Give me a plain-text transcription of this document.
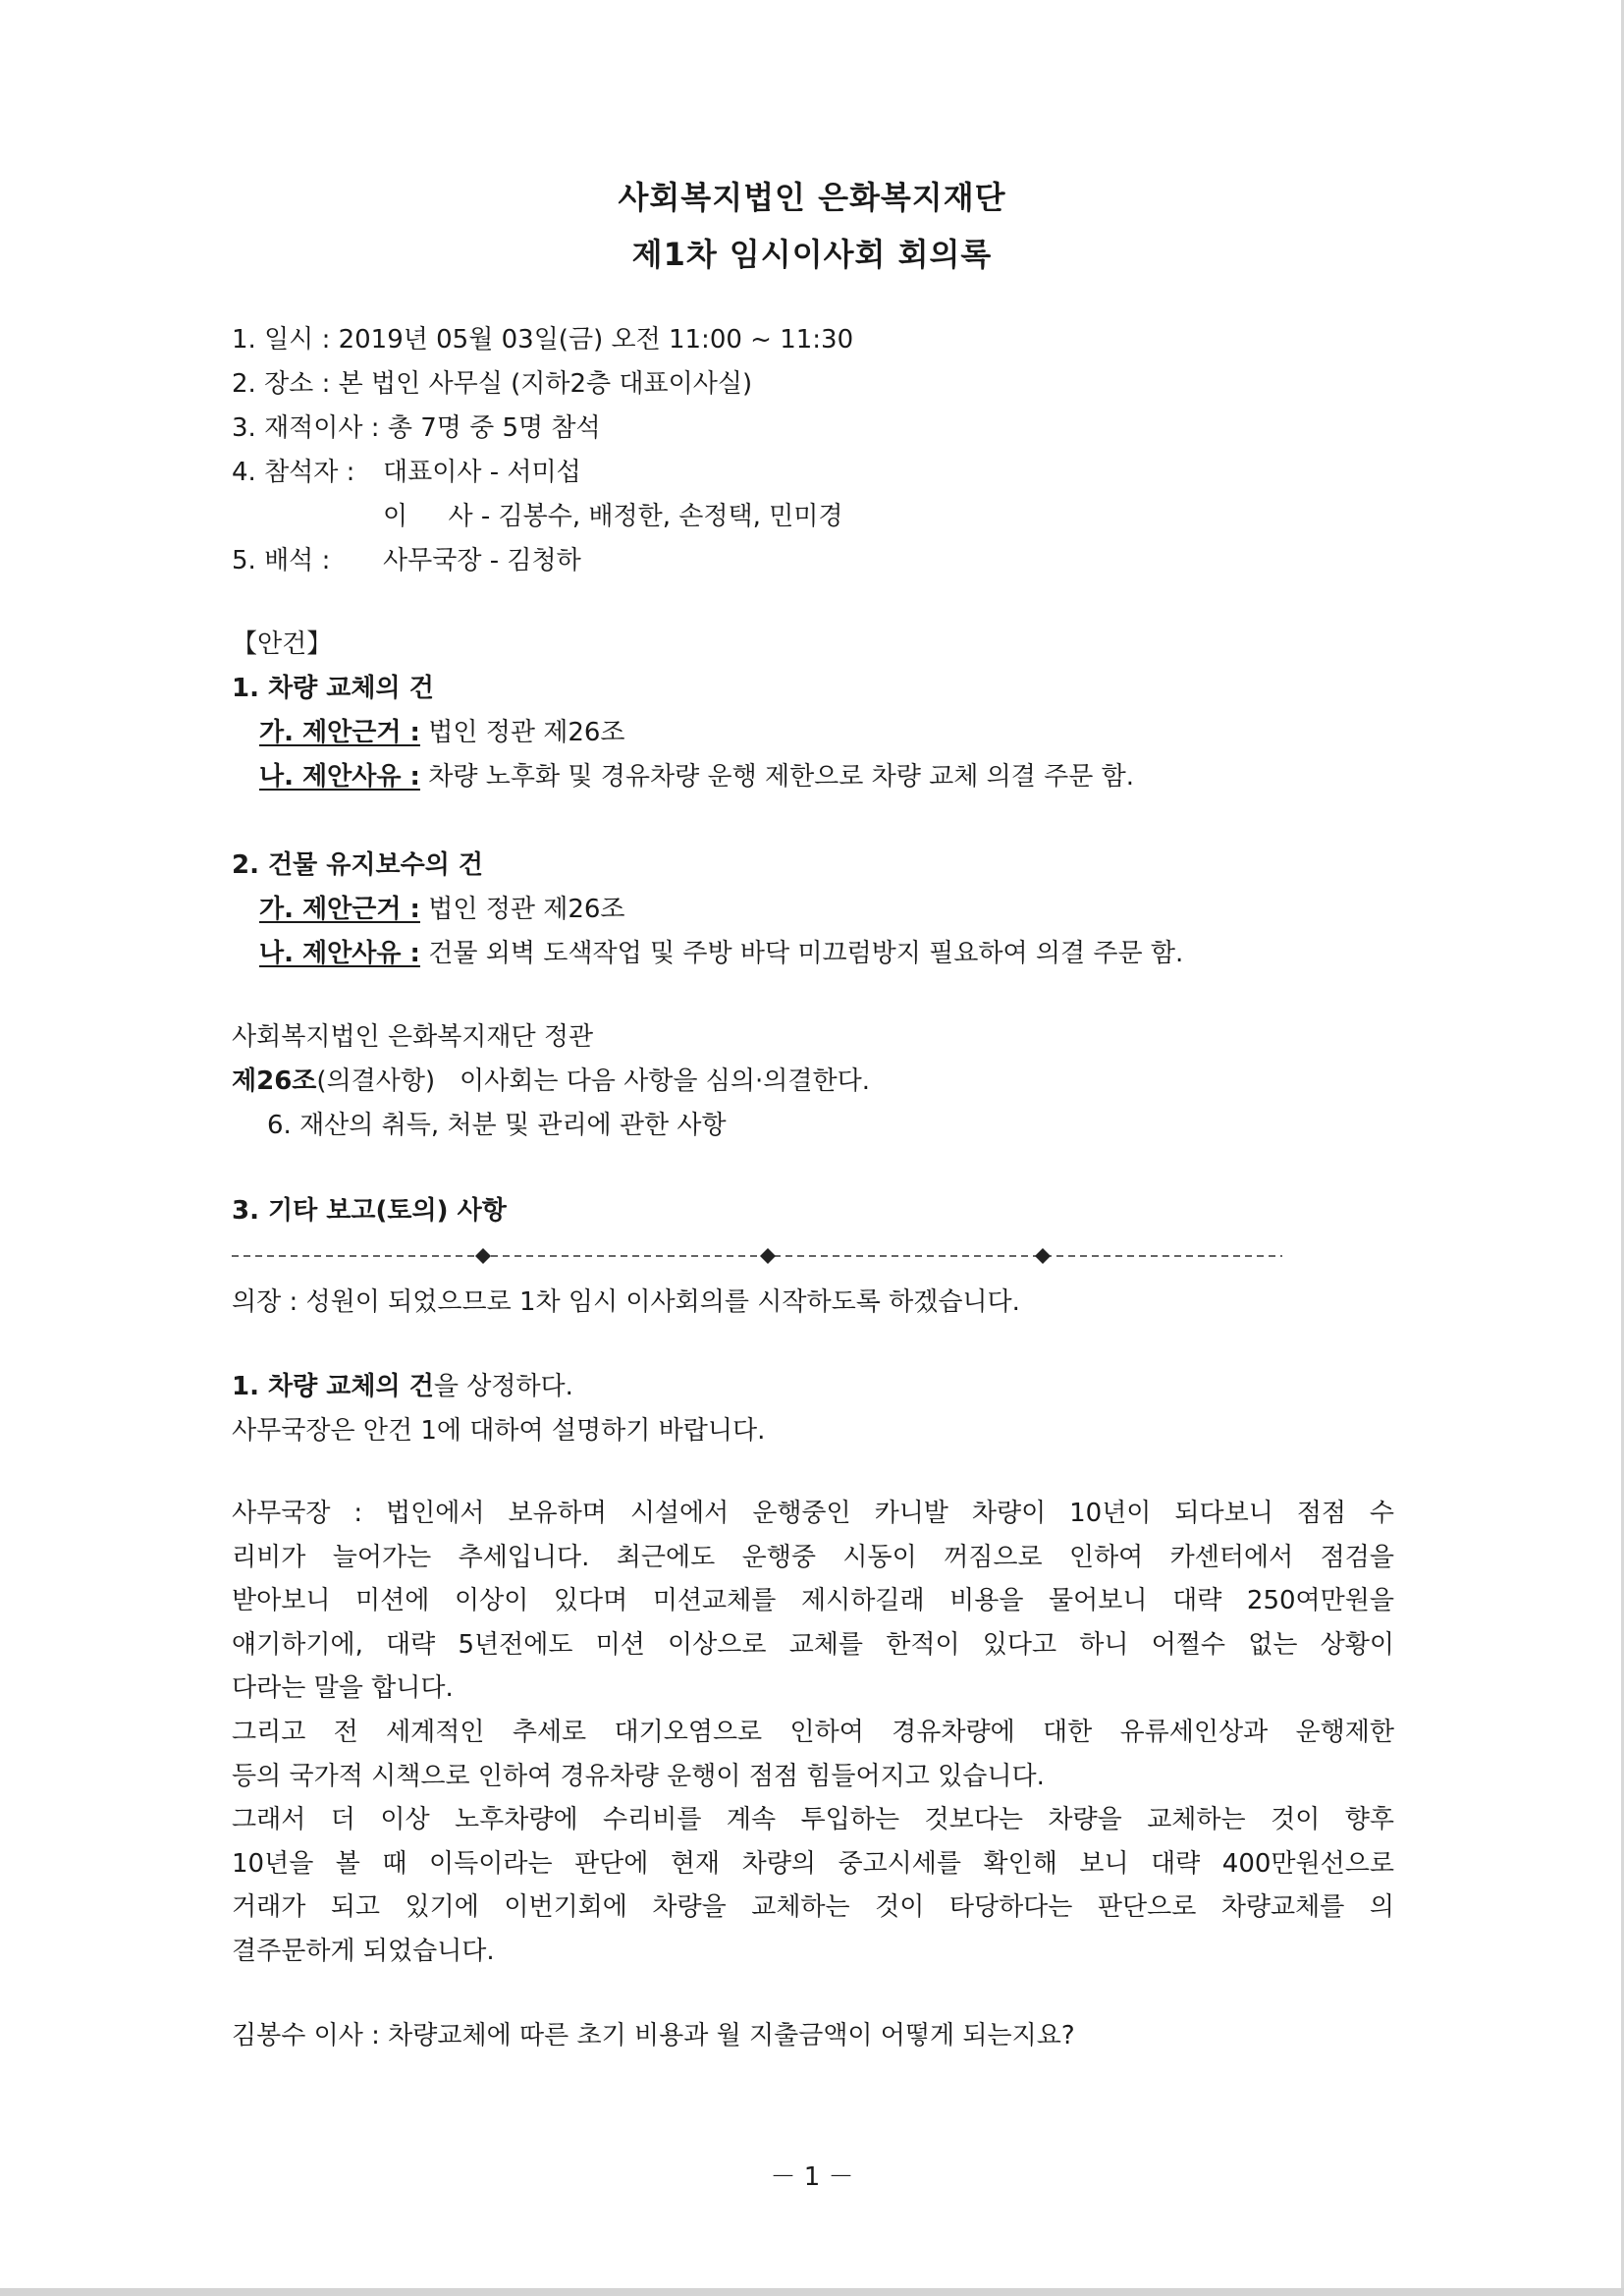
사회복지법인 은화복지재단
제1차 임시이사회 회의록
1. 일시 : 2019년 05월 03일(금) 오전 11:00 ~ 11:30
2. 장소 : 본 법인 사무실 (지하2층 대표이사실)
3. 재적이사 : 총 7명 중 5명 참석
4. 참석자 : 대표이사 - 서미섭
이     사 - 김봉수, 배정한, 손정택, 민미경
5. 배석 : 사무국장 - 김청하
【안건】
1. 차량 교체의 건
가. 제안근거 : 법인 정관 제26조
나. 제안사유 : 차량 노후화 및 경유차량 운행 제한으로 차량 교체 의결 주문 함.
2. 건물 유지보수의 건
가. 제안근거 : 법인 정관 제26조
나. 제안사유 : 건물 외벽 도색작업 및 주방 바닥 미끄럼방지 필요하여 의결 주문 함.
사회복지법인 은화복지재단 정관
제26조(의결사항)   이사회는 다음 사항을 심의·의결한다.
6. 재산의 취득, 처분 및 관리에 관한 사항
3. 기타 보고(토의) 사항
의장 : 성원이 되었으므로 1차 임시 이사회의를 시작하도록 하겠습니다.
1. 차량 교체의 건을 상정하다.
사무국장은 안건 1에 대하여 설명하기 바랍니다.

사무국장 : 법인에서 보유하며 시설에서 운행중인 카니발 차량이 10년이 되다보니 점점 수

리비가 늘어가는 추세입니다. 최근에도 운행중 시동이 꺼짐으로 인하여 카센터에서 점검을

받아보니 미션에 이상이 있다며 미션교체를 제시하길래 비용을 물어보니 대략 250여만원을

얘기하기에, 대략 5년전에도 미션 이상으로 교체를 한적이 있다고 하니 어쩔수 없는 상황이

다라는 말을 합니다.

그리고 전 세계적인 추세로 대기오염으로 인하여 경유차량에 대한 유류세인상과 운행제한

등의 국가적 시책으로 인하여 경유차량 운행이 점점 힘들어지고 있습니다.

그래서 더 이상 노후차량에 수리비를 계속 투입하는 것보다는 차량을 교체하는 것이 향후

10년을 볼 때 이득이라는 판단에 현재 차량의 중고시세를 확인해 보니 대략 400만원선으로

거래가 되고 있기에 이번기회에 차량을 교체하는 것이 타당하다는 판단으로 차량교체를 의

결주문하게 되었습니다.

김봉수 이사 : 차량교체에 따른 초기 비용과 월 지출금액이 어떻게 되는지요?
－ 1 －
